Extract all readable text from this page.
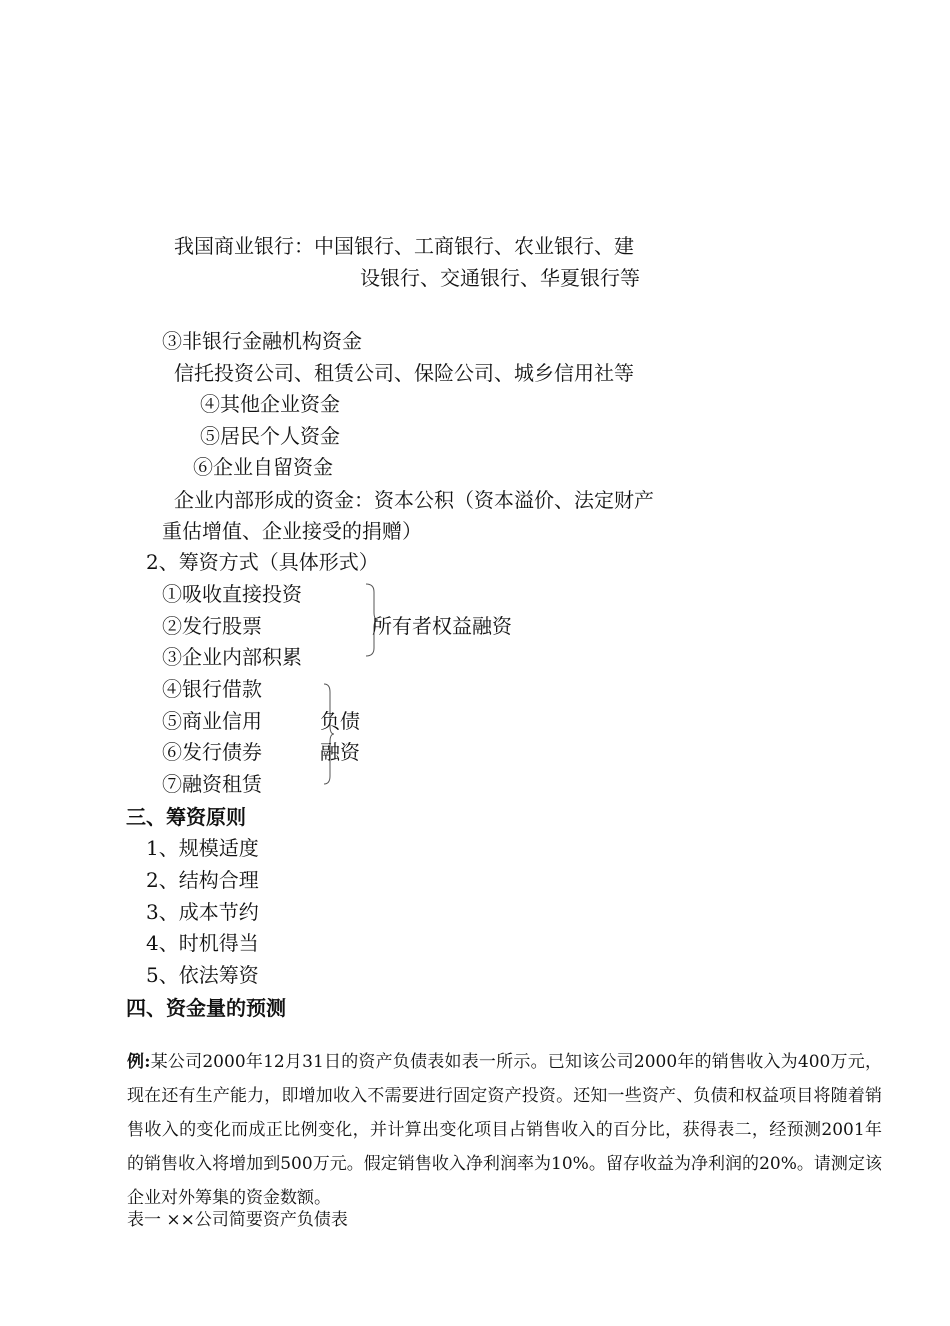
我国商业银行：中国银行、工商银行、农业银行、建
设银行、交通银行、华夏银行等
③非银行金融机构资金
信托投资公司、租赁公司、保险公司、城乡信用社等
④其他企业资金
⑤居民个人资金
⑥企业自留资金
企业内部形成的资金：资本公积（资本溢价、法定财产
重估增值、企业接受的捐赠）
2、筹资方式（具体形式）
①吸收直接投资
②发行股票
③企业内部积累
所有者权益融资
④银行借款
⑤商业信用
⑥发行债券
⑦融资租赁
负债
融资
三、筹资原则
1、规模适度
2、结构合理
3、成本节约
4、时机得当
5、依法筹资
四、资金量的预测
例:某公司2000年12月31日的资产负债表如表一所示。已知该公司2000年的销售收入为400万元，现在还有生产能力，即增加收入不需要进行固定资产投资。还知一些资产、负债和权益项目将随着销售收入的变化而成正比例变化，并计算出变化项目占销售收入的百分比，获得表二，经预测2001年的销售收入将增加到500万元。假定销售收入净利润率为10%。留存收益为净利润的20%。请测定该企业对外筹集的资金数额。
表一 ××公司简要资产负债表
